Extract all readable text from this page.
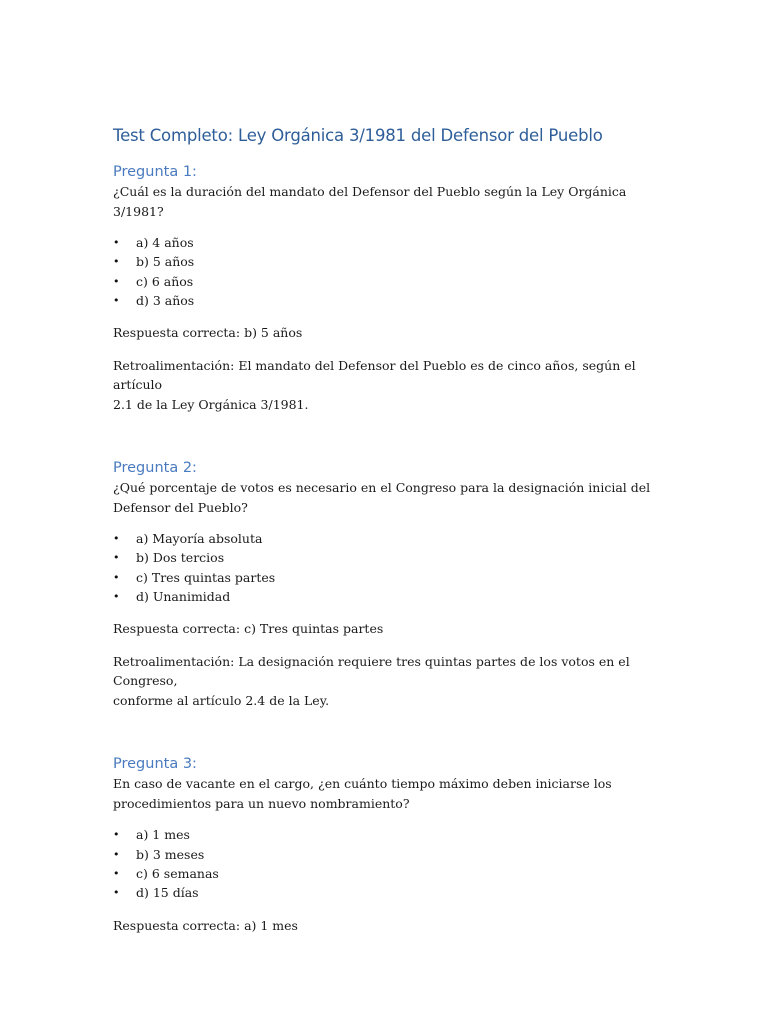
Test Completo: Ley Orgánica 3/1981 del Defensor del Pueblo
Pregunta 1:

¿Cuál es la duración del mandato del Defensor del Pueblo según la Ley Orgánica 3/1981?

• a) 4 años
• b) 5 años
• c) 6 años
• d) 3 años

Respuesta correcta: b) 5 años

Retroalimentación: El mandato del Defensor del Pueblo es de cinco años, según el artículo
2.1 de la Ley Orgánica 3/1981.

Pregunta 2:

¿Qué porcentaje de votos es necesario en el Congreso para la designación inicial del
Defensor del Pueblo?

• a) Mayoría absoluta
• b) Dos tercios
• c) Tres quintas partes
• d) Unanimidad

Respuesta correcta: c) Tres quintas partes

Retroalimentación: La designación requiere tres quintas partes de los votos en el Congreso,
conforme al artículo 2.4 de la Ley.

Pregunta 3:

En caso de vacante en el cargo, ¿en cuánto tiempo máximo deben iniciarse los
procedimientos para un nuevo nombramiento?

• a) 1 mes
• b) 3 meses
• c) 6 semanas
• d) 15 días

Respuesta correcta: a) 1 mes
